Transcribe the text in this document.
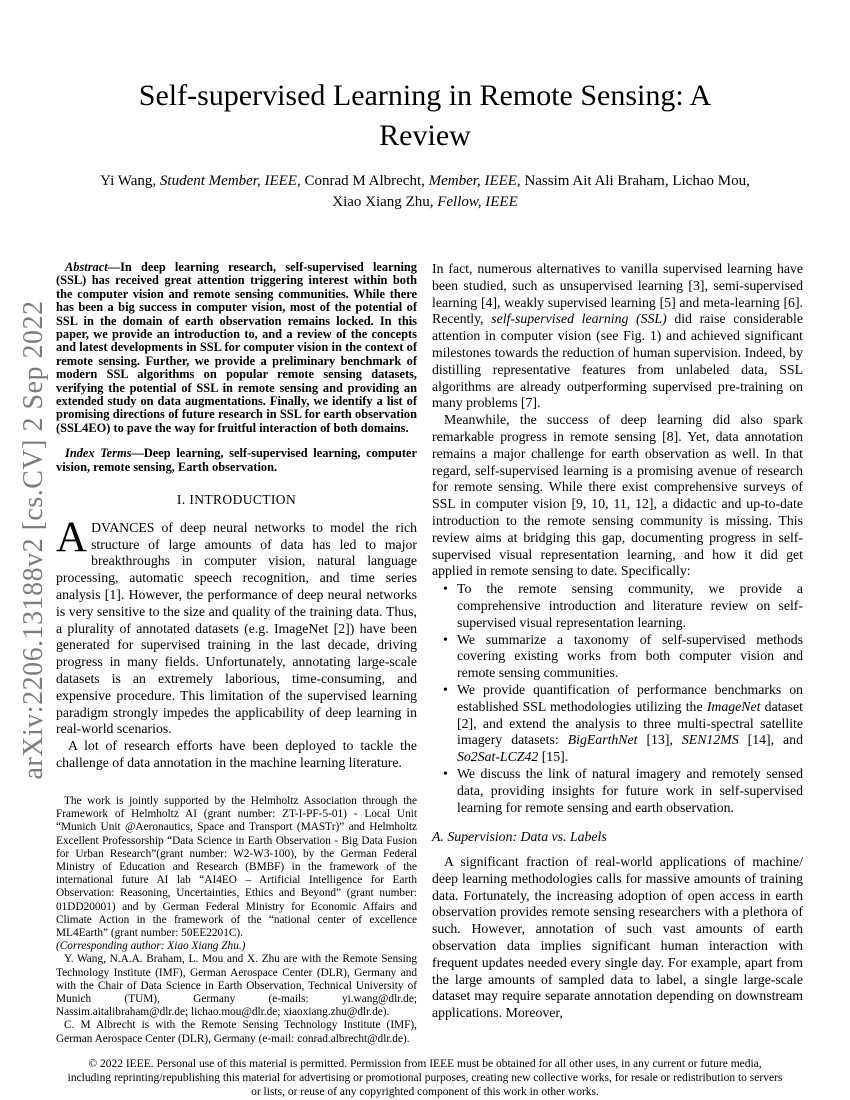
arXiv:2206.13188v2 [cs.CV] 2 Sep 2022
Self-supervised Learning in Remote Sensing: A
Review
Yi Wang, Student Member, IEEE, Conrad M Albrecht, Member, IEEE, Nassim Ait Ali Braham, Lichao Mou,
Xiao Xiang Zhu, Fellow, IEEE

Abstract—In deep learning research, self-supervised learning (SSL) has received great attention triggering interest within both the computer vision and remote sensing communities. While there has been a big success in computer vision, most of the potential of SSL in the domain of earth observation remains locked. In this paper, we provide an introduction to, and a review of the concepts and latest developments in SSL for computer vision in the context of remote sensing. Further, we provide a preliminary benchmark of modern SSL algorithms on popular remote sensing datasets, verifying the potential of SSL in remote sensing and providing an extended study on data augmentations. Finally, we identify a list of promising directions of future research in SSL for earth observation (SSL4EO) to pave the way for fruitful interaction of both domains.

Index Terms—Deep learning, self-supervised learning, computer vision, remote sensing, Earth observation.

I. INTRODUCTION

ADVANCES of deep neural networks to model the rich structure of large amounts of data has led to major breakthroughs in computer vision, natural language processing, automatic speech recognition, and time series analysis [1]. However, the performance of deep neural networks is very sensitive to the size and quality of the training data. Thus, a plurality of annotated datasets (e.g. ImageNet [2]) have been generated for supervised training in the last decade, driving progress in many fields. Unfortunately, annotating large-scale datasets is an extremely laborious, time-consuming, and expensive procedure. This limitation of the supervised learning paradigm strongly impedes the applicability of deep learning in real-world scenarios.

A lot of research efforts have been deployed to tackle the challenge of data annotation in the machine learning literature.

The work is jointly supported by the Helmholtz Association through the Framework of Helmholtz AI (grant number: ZT-I-PF-5-01) - Local Unit “Munich Unit @Aeronautics, Space and Transport (MASTr)” and Helmholtz Excellent Professorship “Data Science in Earth Observation - Big Data Fusion for Urban Research”(grant number: W2-W3-100), by the German Federal Ministry of Education and Research (BMBF) in the framework of the international future AI lab “AI4EO – Artificial Intelligence for Earth Observation: Reasoning, Uncertainties, Ethics and Beyond” (grant number: 01DD20001) and by German Federal Ministry for Economic Affairs and Climate Action in the framework of the “national center of excellence ML4Earth” (grant number: 50EE2201C).

(Corresponding author: Xiao Xiang Zhu.)

Y. Wang, N.A.A. Braham, L. Mou and X. Zhu are with the Remote Sensing Technology Institute (IMF), German Aerospace Center (DLR), Germany and with the Chair of Data Science in Earth Observation, Technical University of Munich (TUM), Germany (e-mails: yi.wang@dlr.de; Nassim.aitalibraham@dlr.de; lichao.mou@dlr.de; xiaoxiang.zhu@dlr.de).

C. M Albrecht is with the Remote Sensing Technology Institute (IMF), German Aerospace Center (DLR), Germany (e-mail: conrad.albrecht@dlr.de).

In fact, numerous alternatives to vanilla supervised learning have been studied, such as unsupervised learning [3], semi-supervised learning [4], weakly supervised learning [5] and meta-learning [6]. Recently, self-supervised learning (SSL) did raise considerable attention in computer vision (see Fig. 1) and achieved significant milestones towards the reduction of human supervision. Indeed, by distilling representative features from unlabeled data, SSL algorithms are already outperforming supervised pre-training on many problems [7].

Meanwhile, the success of deep learning did also spark remarkable progress in remote sensing [8]. Yet, data annotation remains a major challenge for earth observation as well. In that regard, self-supervised learning is a promising avenue of research for remote sensing. While there exist comprehensive surveys of SSL in computer vision [9, 10, 11, 12], a didactic and up-to-date introduction to the remote sensing community is missing. This review aims at bridging this gap, documenting progress in self-supervised visual representation learning, and how it did get applied in remote sensing to date. Specifically:

• To the remote sensing community, we provide a comprehensive introduction and literature review on self-supervised visual representation learning.

• We summarize a taxonomy of self-supervised methods covering existing works from both computer vision and remote sensing communities.

• We provide quantification of performance benchmarks on established SSL methodologies utilizing the ImageNet dataset [2], and extend the analysis to three multi-spectral satellite imagery datasets: BigEarthNet [13], SEN12MS [14], and So2Sat-LCZ42 [15].

• We discuss the link of natural imagery and remotely sensed data, providing insights for future work in self-supervised learning for remote sensing and earth observation.

A. Supervision: Data vs. Labels

A significant fraction of real-world applications of machine/ deep learning methodologies calls for massive amounts of training data. Fortunately, the increasing adoption of open access in earth observation provides remote sensing researchers with a plethora of such. However, annotation of such vast amounts of earth observation data implies significant human interaction with frequent updates needed every single day. For example, apart from the large amounts of sampled data to label, a single large-scale dataset may require separate annotation depending on downstream applications. Moreover,

© 2022 IEEE. Personal use of this material is permitted. Permission from IEEE must be obtained for all other uses, in any current or future media,
including reprinting/republishing this material for advertising or promotional purposes, creating new collective works, for resale or redistribution to servers
or lists, or reuse of any copyrighted component of this work in other works.
